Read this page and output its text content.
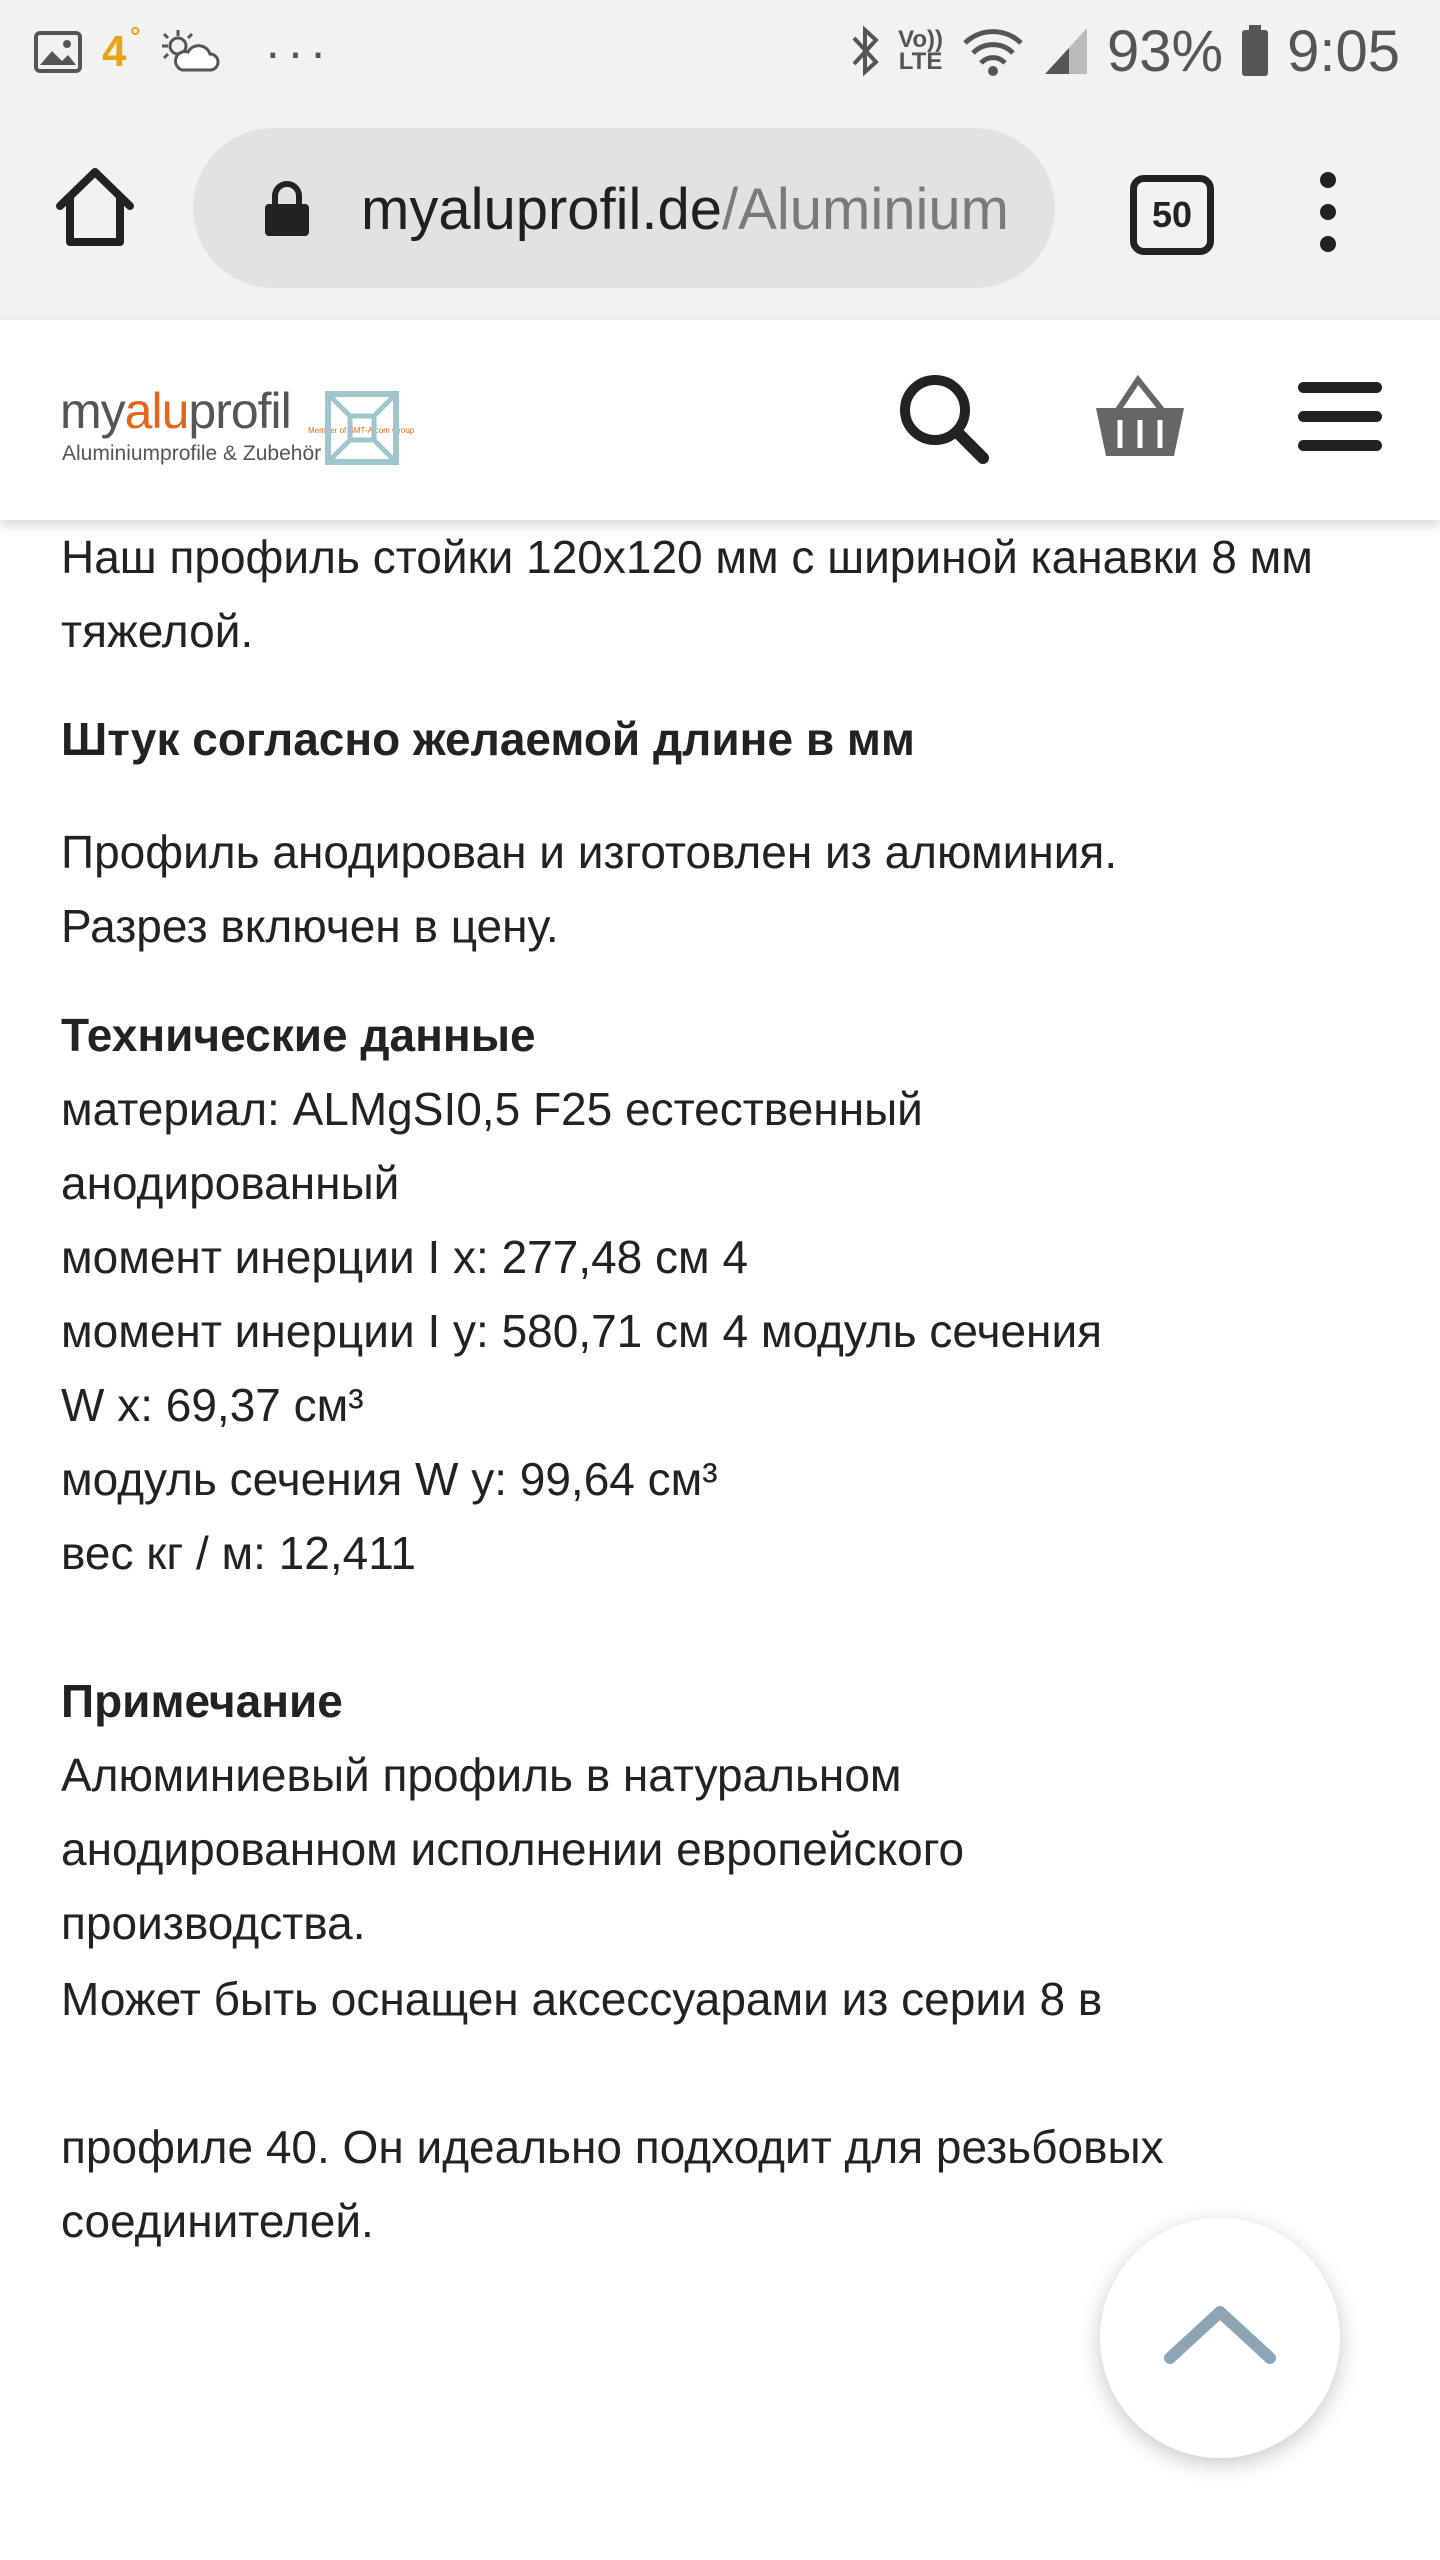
4 ° ···	Vo))
LTE	93% 9:05
myaluprofil.de/Aluminium	50
myaluprofil Member of SMT-Alcom Group
Aluminiumprofile & Zubehör

Наш профиль стойки 120x120 мм с шириной канавки 8 мм тяжелой.

Штук согласно желаемой длине в мм

Профиль анодирован и изготовлен из алюминия.

Разрез включен в цену.

Технические данные

материал: ALMgSI0,5 F25 естественный

анодированный

момент инерции I x: 277,48 см 4

момент инерции I y: 580,71 см 4 модуль сечения

W x: 69,37 см³

модуль сечения W y: 99,64 см³

вес кг / м: 12,411

Примечание

Алюминиевый профиль в натуральном

анодированном исполнении европейского

производства.

Может быть оснащен аксессуарами из серии 8 в

профиле 40. Он идеально подходит для резьбовых

соединителей.
